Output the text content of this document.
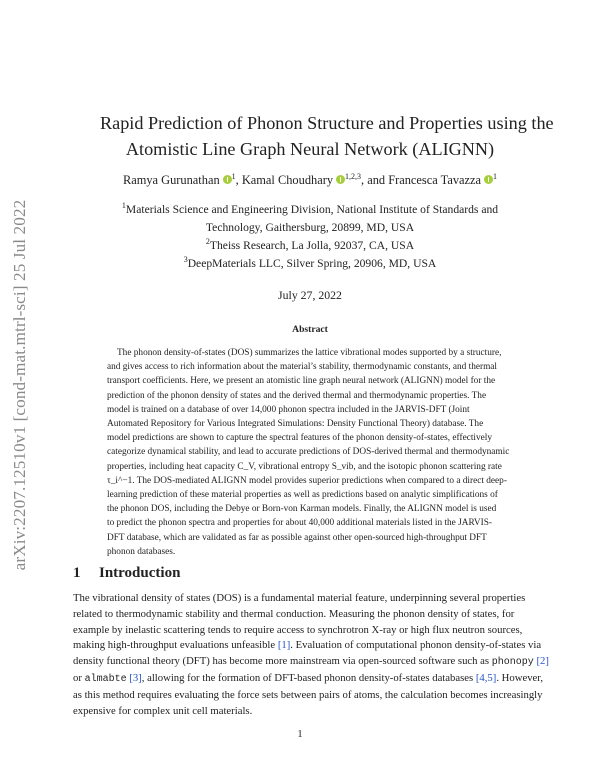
arXiv:2207.12510v1 [cond-mat.mtrl-sci] 25 Jul 2022
Rapid Prediction of Phonon Structure and Properties using the
Atomistic Line Graph Neural Network (ALIGNN)
Ramya Gurunathan $^1$, Kamal Choudhary $^{1,2,3}$, and Francesca Tavazza $^1$
$^1$Materials Science and Engineering Division, National Institute of Standards and
Technology, Gaithersburg, 20899, MD, USA
$^2$Theiss Research, La Jolla, 92037, CA, USA
$^3$DeepMaterials LLC, Silver Spring, 20906, MD, USA
July 27, 2022
Abstract
The phonon density-of-states (DOS) summarizes the lattice vibrational modes supported by a structure,
and gives access to rich information about the material’s stability, thermodynamic constants, and thermal
transport coefficients. Here, we present an atomistic line graph neural network (ALIGNN) model for the
prediction of the phonon density of states and the derived thermal and thermodynamic properties. The
model is trained on a database of over 14,000 phonon spectra included in the JARVIS-DFT (Joint
Automated Repository for Various Integrated Simulations: Density Functional Theory) database. The
model predictions are shown to capture the spectral features of the phonon density-of-states, effectively
categorize dynamical stability, and lead to accurate predictions of DOS-derived thermal and thermodynamic
properties, including heat capacity C_V, vibrational entropy S_vib, and the isotopic phonon scattering rate
τ_i^−1. The DOS-mediated ALIGNN model provides superior predictions when compared to a direct deep-
learning prediction of these material properties as well as predictions based on analytic simplifications of
the phonon DOS, including the Debye or Born-von Karman models. Finally, the ALIGNN model is used
to predict the phonon spectra and properties for about 40,000 additional materials listed in the JARVIS-
DFT database, which are validated as far as possible against other open-sourced high-throughput DFT
phonon databases.
1 Introduction
The vibrational density of states (DOS) is a fundamental material feature, underpinning several properties
related to thermodynamic stability and thermal conduction. Measuring the phonon density of states, for
example by inelastic scattering tends to require access to synchrotron X-ray or high flux neutron sources,
making high-throughput evaluations unfeasible [1]. Evaluation of computational phonon density-of-states via
density functional theory (DFT) has become more mainstream via open-sourced software such as phonopy [2]
or almabte [3], allowing for the formation of DFT-based phonon density-of-states databases [4,5]. However,
as this method requires evaluating the force sets between pairs of atoms, the calculation becomes increasingly
expensive for complex unit cell materials.
1
